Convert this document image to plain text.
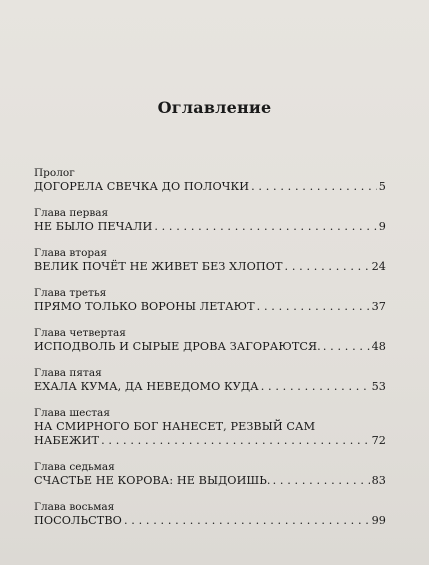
Оглавление
Пролог
ДОГОРЕЛА СВЕЧКА ДО ПОЛОЧКИ . . .	5
Глава первая
НЕ БЫЛО ПЕЧАЛИ . . .	9
Глава вторая
ВЕЛИК ПОЧЁТ НЕ ЖИВЕТ БЕЗ ХЛОПОТ . . .	24
Глава третья
ПРЯМО ТОЛЬКО ВОРОНЫ ЛЕТАЮТ . . .	37
Глава четвертая
ИСПОДВОЛЬ И СЫРЫЕ ДРОВА ЗАГОРАЮТСЯ. . . .	48
Глава пятая
ЕХАЛА КУМА, ДА НЕВЕДОМО КУДА . . .	53
Глава шестая
НА СМИРНОГО БОГ НАНЕСЕТ, РЕЗВЫЙ САМ
НАБЕЖИТ . . .	72
Глава седьмая
СЧАСТЬЕ НЕ КОРОВА: НЕ ВЫДОИШЬ. . . .	83
Глава восьмая
ПОСОЛЬСТВО . . .	99
